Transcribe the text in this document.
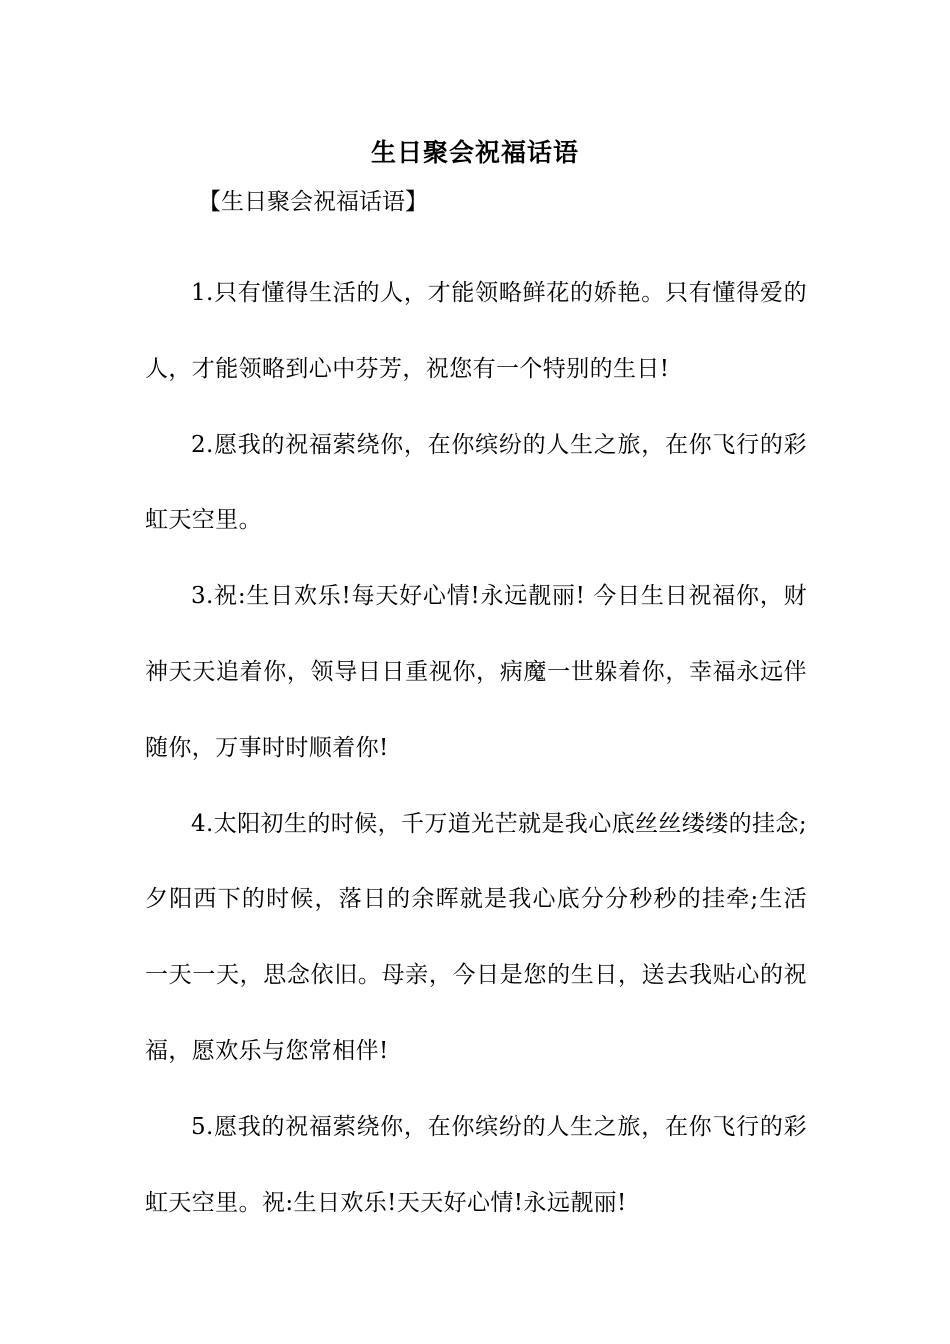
生日聚会祝福话语
【生日聚会祝福话语】

1.只有懂得生活的人，才能领略鲜花的娇艳。只有懂得爱的人，才能领略到心中芬芳，祝您有一个特别的生日!

2.愿我的祝福萦绕你，在你缤纷的人生之旅，在你飞行的彩虹天空里。

3.祝:生日欢乐!每天好心情!永远靓丽! 今日生日祝福你，财神天天追着你，领导日日重视你，病魔一世躲着你，幸福永远伴随你，万事时时顺着你!

4.太阳初生的时候，千万道光芒就是我心底丝丝缕缕的挂念;夕阳西下的时候，落日的余晖就是我心底分分秒秒的挂牵;生活一天一天，思念依旧。母亲，今日是您的生日，送去我贴心的祝福，愿欢乐与您常相伴!

5.愿我的祝福萦绕你，在你缤纷的人生之旅，在你飞行的彩虹天空里。祝:生日欢乐!天天好心情!永远靓丽!
